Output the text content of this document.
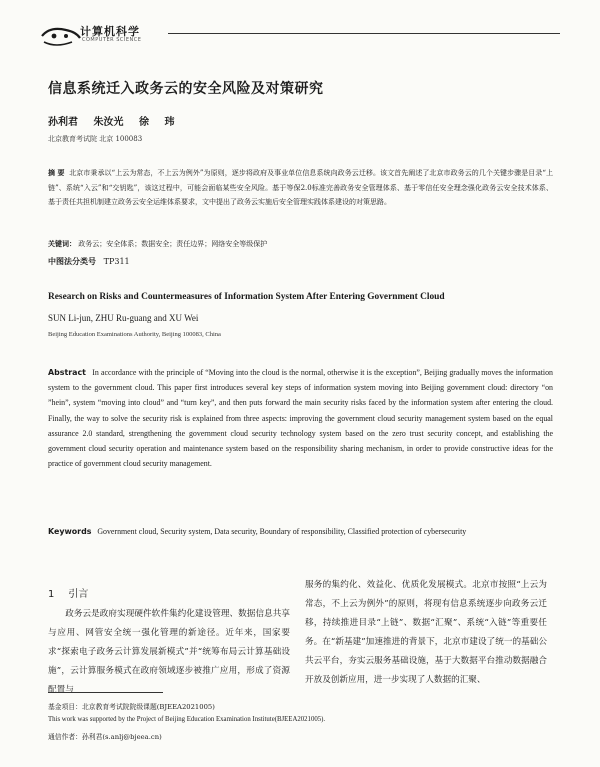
计算机科学
COMPUTER SCIENCE
信息系统迁入政务云的安全风险及对策研究
孙利君 朱汝光 徐 玮
北京教育考试院 北京 100083
摘 要 北京市秉承以“上云为常态，不上云为例外”为原则，逐步将政府及事业单位信息系统向政务云迁移。该文首先阐述了北京市政务云的几个关键步骤是目录“上链”、系统“入云”和“交钥匙”，该这过程中，可能会面临某些安全风险。基于等保2.0标准完善政务安全管理体系、基于零信任安全理念强化政务云安全技术体系、基于责任共担机制建立政务云安全运维体系要求，文中提出了政务云实施后安全管理实践体系建设的对策思路。
关键词： 政务云；安全体系；数据安全；责任边界；网络安全等级保护
中图法分类号 TP311
Research on Risks and Countermeasures of Information System After Entering Government Cloud
SUN Li-jun, ZHU Ru-guang and XU Wei
Beijing Education Examinations Authority, Beijing 100083, China
Abstract In accordance with the principle of “Moving into the cloud is the normal, otherwise it is the exception”, Beijing gradually moves the information system to the government cloud. This paper first introduces several key steps of information system moving into Beijing government cloud: directory “on ”hein”, system “moving into cloud” and “turn key”, and then puts forward the main security risks faced by the information system after entering the cloud. Finally, the way to solve the security risk is explained from three aspects: improving the government cloud security management system based on the equal assurance 2.0 standard, strengthening the government cloud security technology system based on the zero trust security concept, and establishing the government cloud security operation and maintenance system based on the responsibility sharing mechanism, in order to provide constructive ideas for the practice of government cloud security management.
Keywords Government cloud, Security system, Data security, Boundary of responsibility, Classified protection of cybersecurity
1 引言
政务云是政府实现硬件软件集约化建设管理、数据信息共享与应用、网管安全统一强化管理的新途径。近年来，国家要求“探索电子政务云计算发展新模式”并“统筹布局云计算基础设施”，云计算服务模式在政府领域逐步被推广应用，形成了资源配置与
服务的集约化、效益化、优质化发展模式。北京市按照“上云为常态，不上云为例外”的原则，将现有信息系统逐步向政务云迁移，持续推进目录“上链”、数据“汇聚”、系统“入链”等重要任务。在“新基建”加速推进的背景下，北京市建设了统一的基础公共云平台，夯实云服务基础设施，基于大数据平台推动数据融合开放及创新应用，进一步实现了人数据的汇聚、
基金项目：北京教育考试院院级课题(BJEEA2021005)
This work was supported by the Project of Beijing Education Examination Institute(BJEEA2021005).
通信作者：孙利君(s.anlj@bjeea.cn)
